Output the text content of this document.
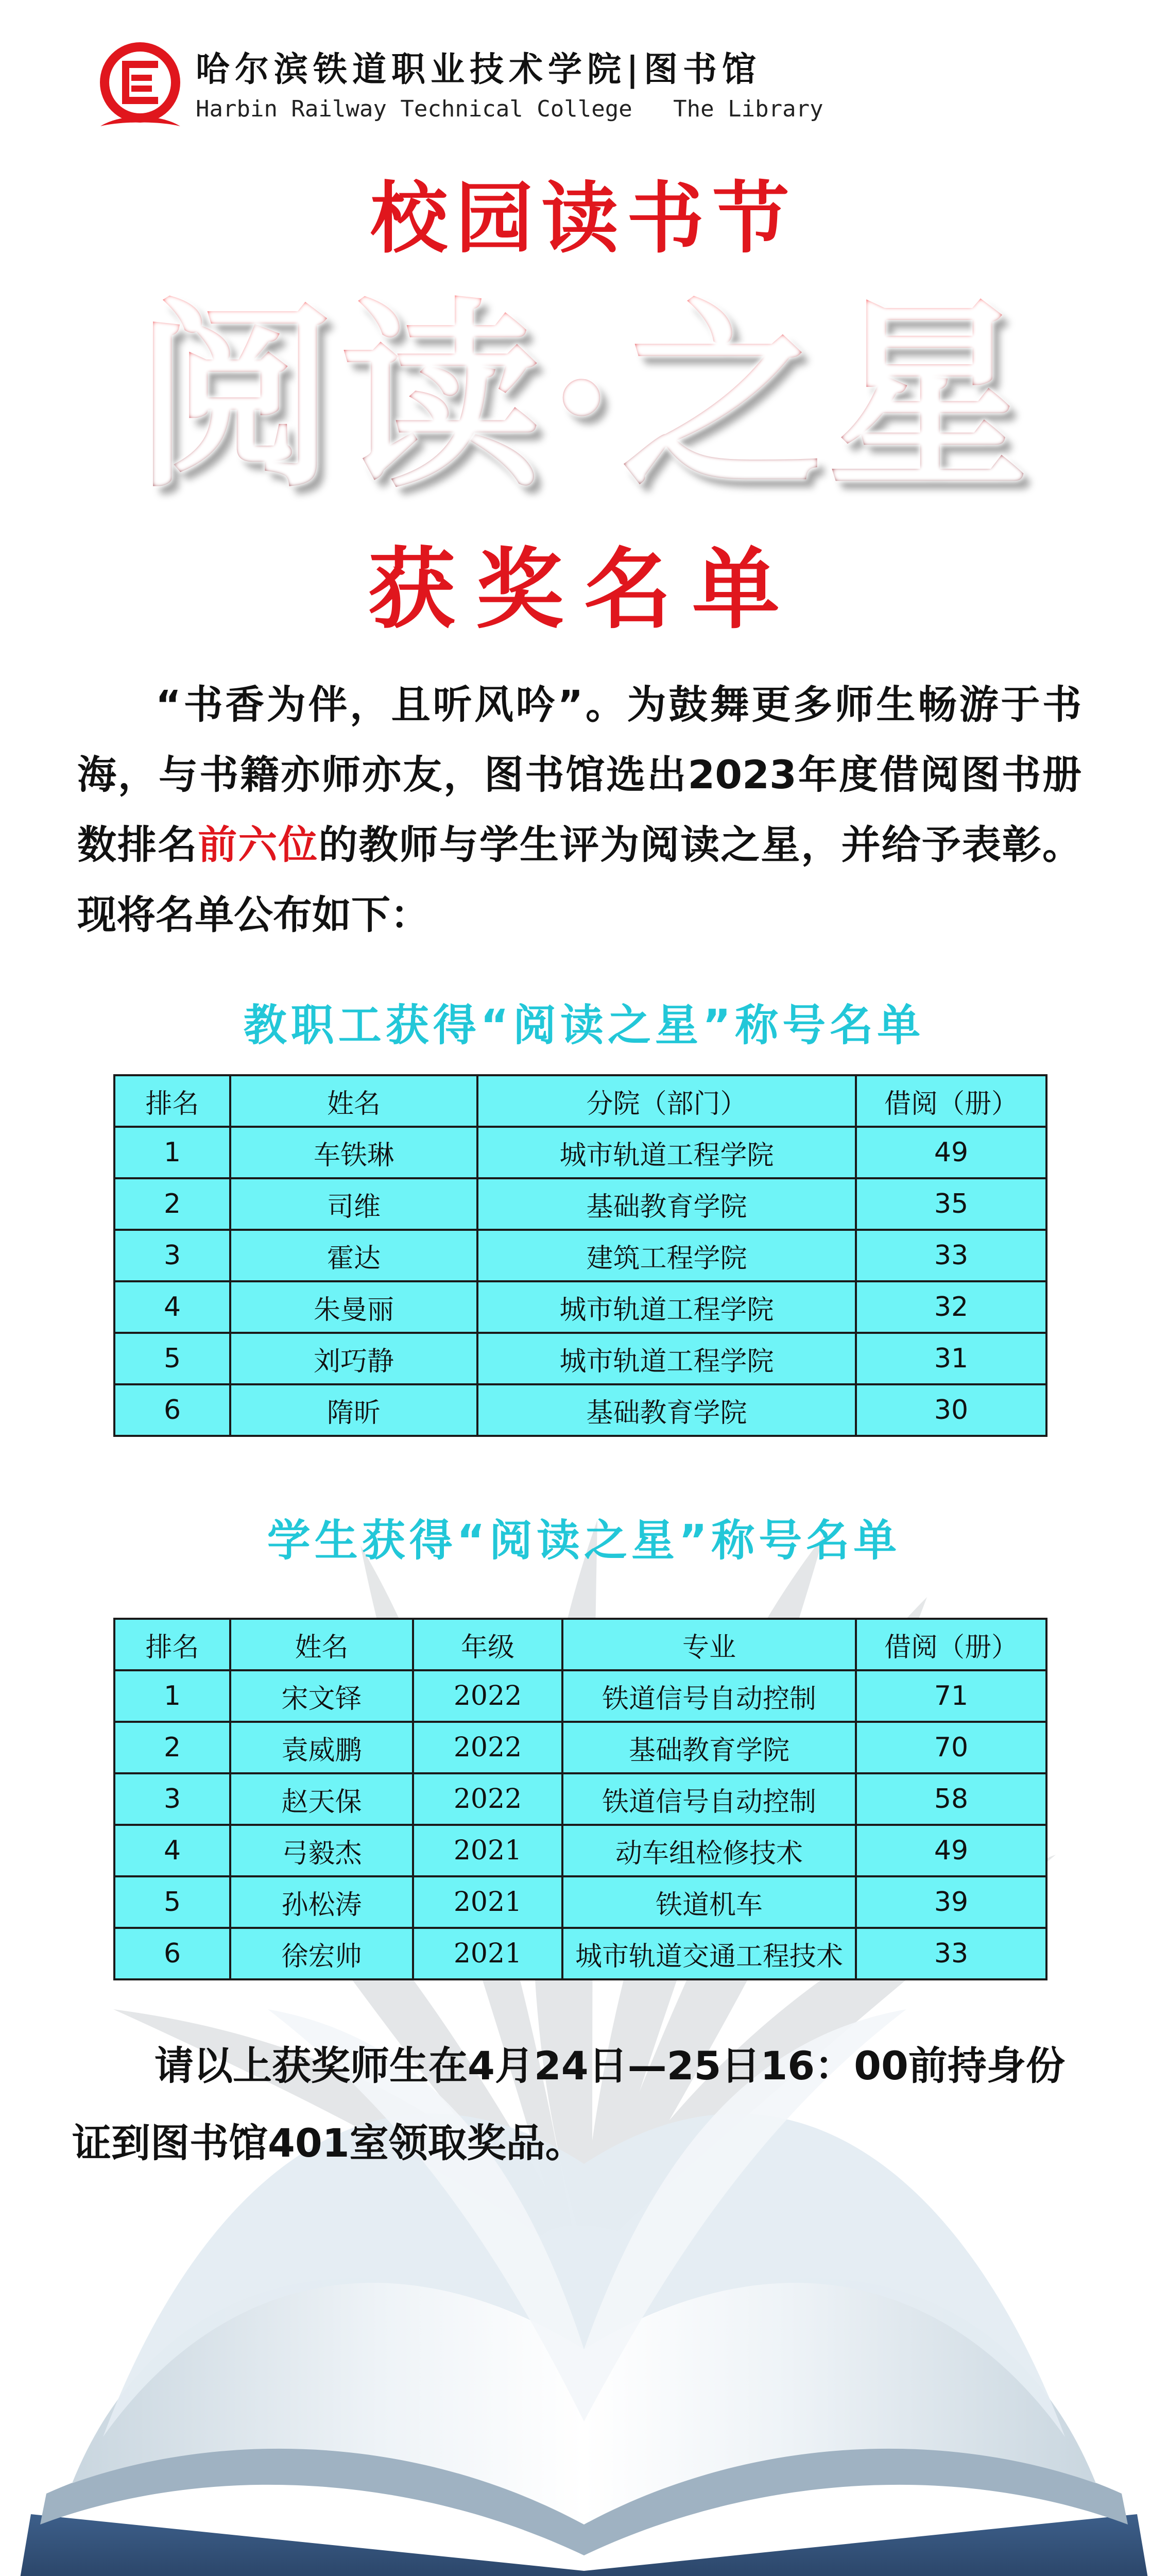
哈尔滨铁道职业技术学院|图书馆
Harbin Railway Technical College The Library
校园读书节
阅读·之星
获奖名单
“书香为伴，且听风吟”。为鼓舞更多师生畅游于书海，与书籍亦师亦友，图书馆选出2023年度借阅图书册数排名前六位的教师与学生评为阅读之星，并给予表彰。现将名单公布如下：
教职工获得“阅读之星”称号名单
排名	姓名	分院（部门）	借阅（册）
1	车铁琳	城市轨道工程学院	49
2	司维	基础教育学院	35
3	霍达	建筑工程学院	33
4	朱曼丽	城市轨道工程学院	32
5	刘巧静	城市轨道工程学院	31
6	隋昕	基础教育学院	30
学生获得“阅读之星”称号名单
排名	姓名	年级	专业	借阅（册）
1	宋文铎	2022	铁道信号自动控制	71
2	袁威鹏	2022	基础教育学院	70
3	赵天保	2022	铁道信号自动控制	58
4	弓毅杰	2021	动车组检修技术	49
5	孙松涛	2021	铁道机车	39
6	徐宏帅	2021	城市轨道交通工程技术	33
请以上获奖师生在4月24日—25日16：00前持身份证到图书馆401室领取奖品。
